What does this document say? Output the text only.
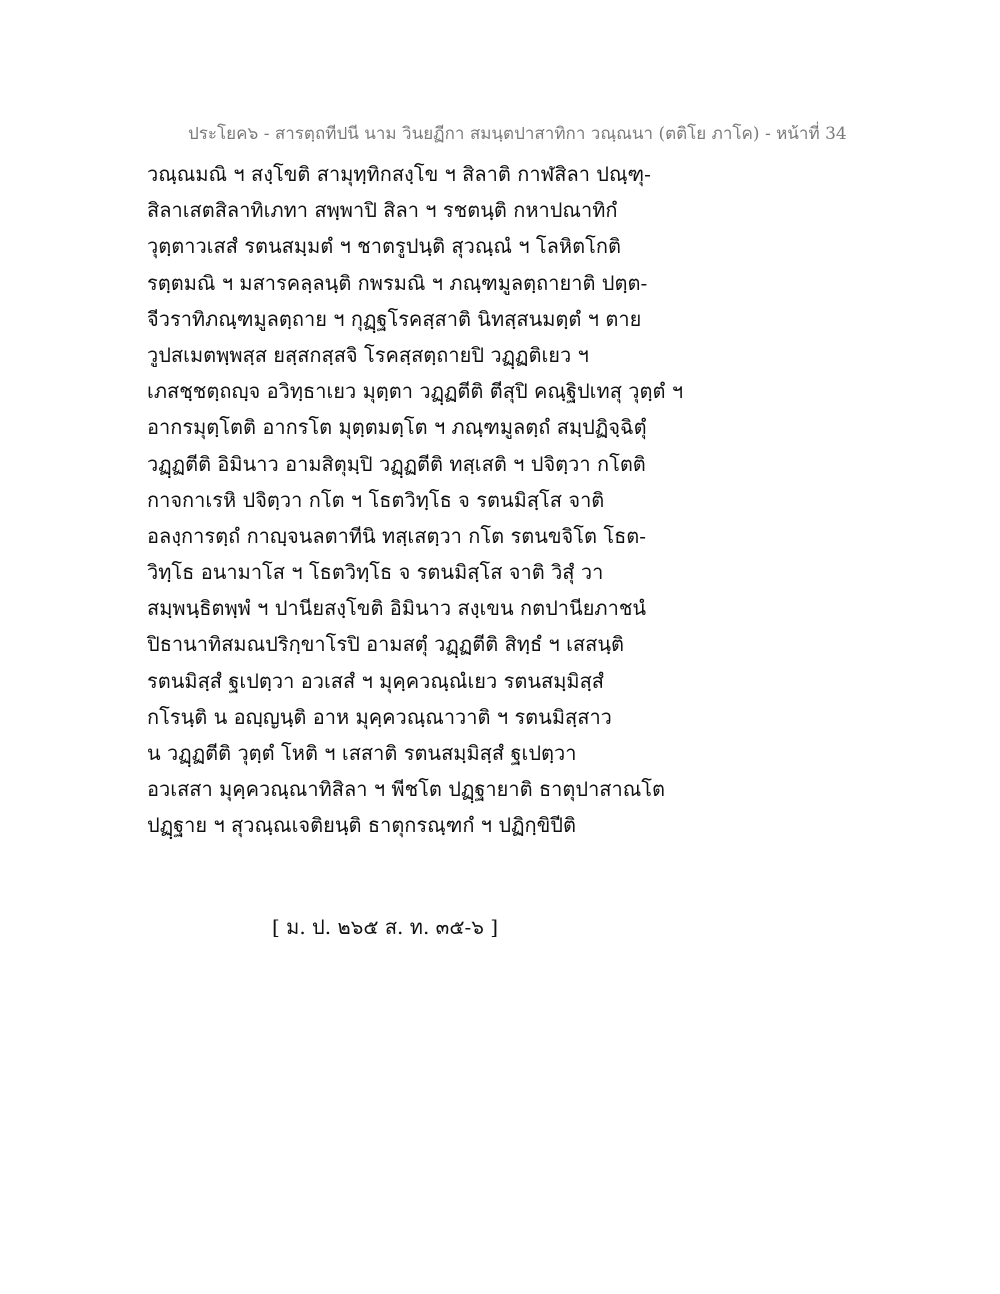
ประโยค๖ - สารตฺถทีปนี นาม วินยฏีกา สมนฺตปาสาทิกา วณฺณนา (ตติโย ภาโค) - หน้าที่ 34
วณฺณมณิ ฯ สงฺโขติ สามุทฺทิกสงฺโข ฯ สิลาติ กาฬสิลา ปณฺฑุ-
สิลาเสตสิลาทิเภทา สพฺพาปิ สิลา ฯ รชตนฺติ กหาปณาทิกํ
วุตฺตาวเสสํ รตนสมฺมตํ ฯ ชาตรูปนฺติ สุวณฺณํ ฯ โลหิตโกติ
รตฺตมณิ ฯ มสารคลฺลนฺติ กพรมณิ ฯ ภณฺฑมูลตฺถายาติ ปตฺต-
จีวราทิภณฺฑมูลตฺถาย ฯ กุฏฺฐโรคสฺสาติ นิทสฺสนมตฺตํ ฯ ตาย
วูปสเมตพฺพสฺส ยสฺสกสฺสจิ โรคสฺสตฺถายปิ วฏฺฏติเยว ฯ
เภสชฺชตฺถญฺจ อวิทฺธาเยว มุตฺตา วฏฺฏตีติ ตีสุปิ คณฺฐิปเทสุ วุตฺตํ ฯ
อากรมุตฺโตติ อากรโต มุตฺตมตฺโต ฯ ภณฺฑมูลตฺถํ สมฺปฏิจฺฉิตุํ
วฏฺฏตีติ อิมินาว อามสิตุมฺปิ วฏฺฏตีติ ทสฺเสติ ฯ ปจิตฺวา กโตติ
กาจกาเรหิ ปจิตฺวา กโต ฯ โธตวิทฺโธ จ รตนมิสฺโส จาติ
อลงฺการตฺถํ กาญฺจนลตาทีนิ ทสฺเสตฺวา กโต รตนขจิโต โธต-
วิทฺโธ อนามาโส ฯ โธตวิทฺโธ จ รตนมิสฺโส จาติ วิสุํ วา
สมฺพนฺธิตพฺพํ ฯ ปานียสงฺโขติ อิมินาว สงฺเขน กตปานียภาชนํ
ปิธานาทิสมณปริกฺขาโรปิ อามสตุํ วฏฺฏตีติ สิทฺธํ ฯ เสสนฺติ
รตนมิสฺสํ ฐเปตฺวา อวเสสํ ฯ มุคฺควณฺณํเยว รตนสมฺมิสฺสํ
กโรนฺติ น อญฺญนฺติ อาห มุคฺควณฺณาวาติ ฯ รตนมิสฺสาว
น วฏฺฏตีติ วุตฺตํ โหติ ฯ เสสาติ รตนสมฺมิสฺสํ ฐเปตฺวา
อวเสสา มุคฺควณฺณาทิสิลา ฯ พีชโต ปฏฺฐายาติ ธาตุปาสาณโต
ปฏฺฐาย ฯ สุวณฺณเจติยนฺติ ธาตุกรณฺฑกํ ฯ ปฏิกฺขิปีติ
[ ม. ป. ๒๖๕ ส. ท. ๓๕-๖ ]
